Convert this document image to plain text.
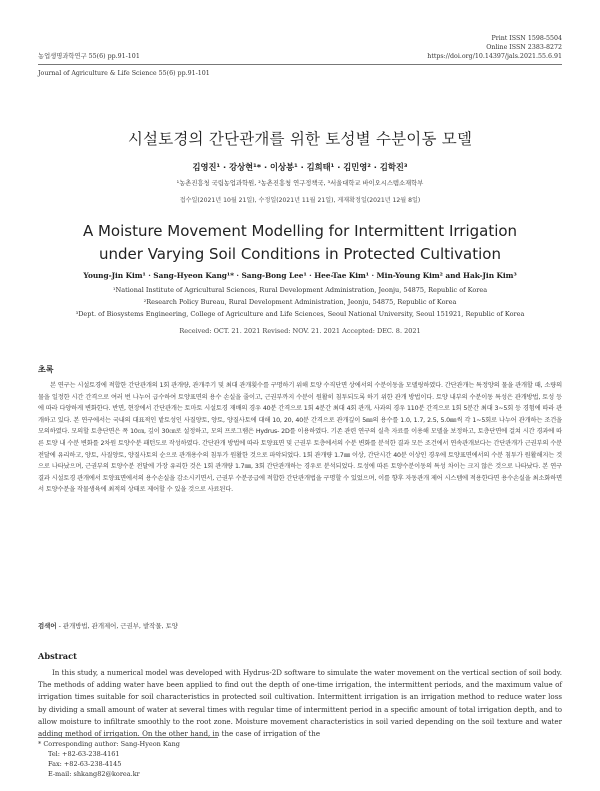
Print ISSN 1598-5504
Online ISSN 2383-8272
농업생명과학연구 55(6) pp.91-101	https://doi.org/10.14397/jals.2021.55.6.91
Journal of Agriculture & Life Science 55(6) pp.91-101
시설토경의 간단관개를 위한 토성별 수분이동 모델
김영진¹ · 강상현¹* · 이상봉¹ · 김희태¹ · 김민영² · 김학진³
¹농촌진흥청 국립농업과학원, ²농촌진흥청 연구정책국, ³서울대학교 바이오시스템소재학부
접수일(2021년 10월 21일), 수정일(2021년 11월 21일), 게재확정일(2021년 12월 8일)
A Moisture Movement Modelling for Intermittent Irrigation
under Varying Soil Conditions in Protected Cultivation
Young-Jin Kim¹ · Sang-Hyeon Kang¹* · Sang-Bong Lee¹ · Hee-Tae Kim¹ · Min-Young Kim² and Hak-Jin Kim³
¹National Institute of Agricultural Sciences, Rural Development Administration, Jeonju, 54875, Republic of Korea
²Research Policy Bureau, Rural Development Administration, Jeonju, 54875, Republic of Korea
³Dept. of Biosystems Engineering, College of Agriculture and Life Sciences, Seoul National University, Seoul 151921, Republic of Korea
Received: OCT. 21. 2021 Revised: NOV. 21. 2021 Accepted: DEC. 8. 2021
초록
본 연구는 시설토경에 적합한 간단관개의 1회 관개량, 관개주기 및 최대 관개횟수를 구명하기 위해 토양 수직단면 상에서의 수분이동을 모델링하였다. 간단관개는 특정양의 물을 관개할 때, 소량의 물을 일정한 시간 간격으로 여러 번 나누어 급수하여 토양표면의 용수 손실을 줄이고, 근권부까지 수분이 원활히 침투되도록 하기 위한 관개 방법이다. 토양 내부의 수분이동 특성은 관개방법, 토성 등에 따라 다양하게 변화한다. 반면, 현장에서 간단관개는 토마토 시설토경 재배의 경우 40분 간격으로 1회 4분간 최대 4회 관개, 사과의 경우 110분 간격으로 1회 5분간 최대 3~5회 등 경험에 따라 관개하고 있다. 본 연구에서는 국내의 대표적인 밭토성인 사질양토, 양토, 양질사토에 대해 10, 20, 40분 간격으로 관개깊이 5㎜의 용수를 1.0, 1.7, 2.5, 5.0㎜씩 각 1~5회로 나누어 관개하는 조건을 모의하였다. 모의할 토층단면은 폭 10㎝, 깊이 30㎝로 설정하고, 모의 프로그램은 Hydrus- 2D를 이용하였다. 기존 관련 연구의 실측 자료를 이용해 모델을 보정하고, 토층단면에 걸쳐 시간 경과에 따른 토양 내 수분 변화를 2차원 토양수분 패턴도로 작성하였다. 간단관개 방법에 따라 토양표면 및 근권부 토층에서의 수분 변화를 분석한 결과 모든 조건에서 연속관개보다는 간단관개가 근권부의 수분전달에 유리하고, 양토, 사질양토, 양질사토의 순으로 관개용수의 침투가 원활한 것으로 파악되었다. 1회 관개량 1.7㎜ 이상, 간단시간 40분 이상인 경우에 토양표면에서의 수분 침투가 원활해지는 것으로 나타났으며, 근권부의 토양수분 전달에 가장 유리한 것은 1회 관개량 1.7㎜, 3회 간단관개하는 경우로 분석되었다. 토성에 따른 토양수분이동의 특성 차이는 크지 않은 것으로 나타났다. 본 연구 결과 시설토경 관개에서 토양표면에서의 용수손실을 감소시키면서, 근권부 수분공급에 적합한 간단관개법을 구명할 수 있었으며, 이를 향후 자동관개 제어 시스템에 적용한다면 용수손실을 최소화하면서 토양수분을 작물생육에 최적의 상태로 제어할 수 있을 것으로 사료된다.
검색어 - 관개방법, 관개제어, 근권부, 밭작물, 토양
Abstract
In this study, a numerical model was developed with Hydrus-2D software to simulate the water movement on the vertical section of soil body. The methods of adding water have been applied to find out the depth of one-time irrigation, the intermittent periods, and the maximum value of irrigation times suitable for soil characteristics in protected soil cultivation. Intermittent irrigation is an irrigation method to reduce water loss by dividing a small amount of water at several times with regular time of intermittent period in a specific amount of total irrigation depth, and to allow moisture to infiltrate smoothly to the root zone. Moisture movement characteristics in soil varied depending on the soil texture and water adding method of irrigation. On the other hand, in the case of irrigation of the
* Corresponding author: Sang-Hyeon Kang
Tel: +82-63-238-4161
Fax: +82-63-238-4145
E-mail: shkang82@korea.kr
